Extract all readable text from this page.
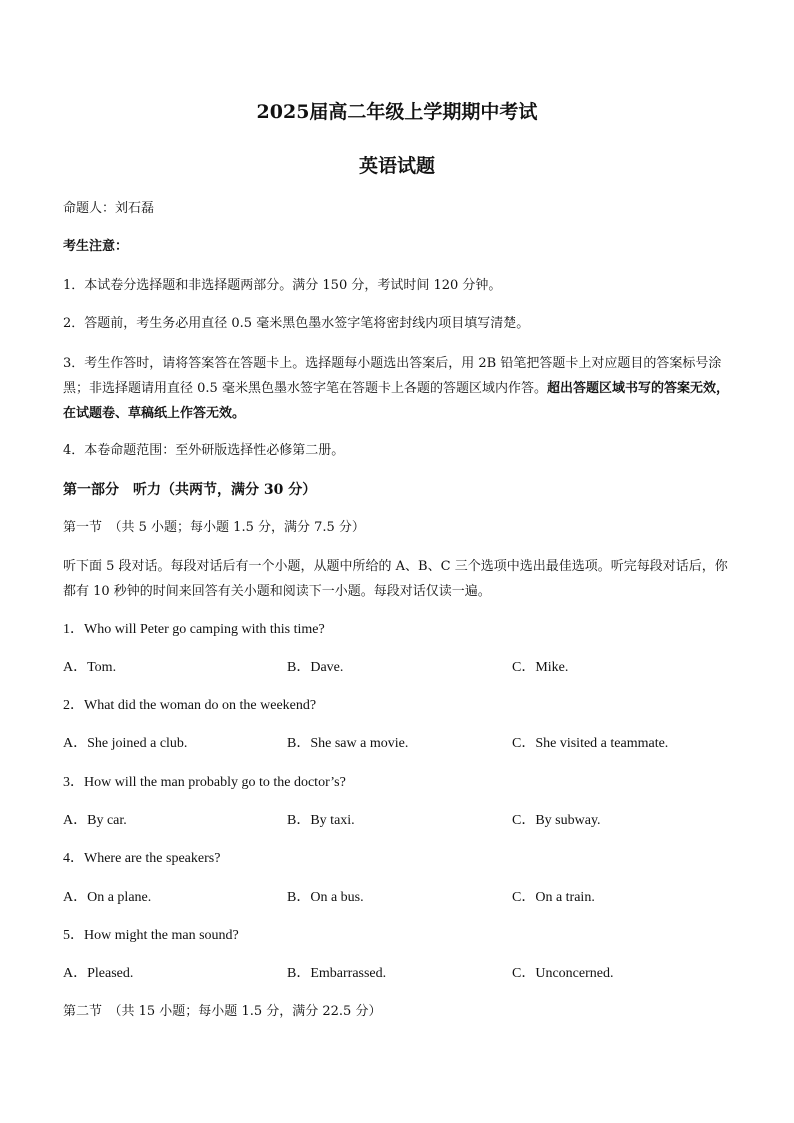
2025届高二年级上学期期中考试
英语试题
命题人：刘石磊
考生注意：
1．本试卷分选择题和非选择题两部分。满分 150 分，考试时间 120 分钟。
2．答题前，考生务必用直径 0.5 毫米黑色墨水签字笔将密封线内项目填写清楚。
3．考生作答时，请将答案答在答题卡上。选择题每小题选出答案后，用 2B 铅笔把答题卡上对应题目的答案标号涂黑；非选择题请用直径 0.5 毫米黑色墨水签字笔在答题卡上各题的答题区域内作答。超出答题区域书写的答案无效，在试题卷、草稿纸上作答无效。
4．本卷命题范围：至外研版选择性必修第二册。
第一部分　听力（共两节，满分 30 分）
第一节　（共 5 小题；每小题 1.5 分，满分 7.5 分）
听下面 5 段对话。每段对话后有一个小题，从题中所给的 A、B、C 三个选项中选出最佳选项。听完每段对话后，你都有 10 秒钟的时间来回答有关小题和阅读下一小题。每段对话仅读一遍。
1．Who will Peter go camping with this time?
A．Tom.	B．Dave.	C．Mike.
2．What did the woman do on the weekend?
A．She joined a club.	B．She saw a movie.	C．She visited a teammate.
3．How will the man probably go to the doctor’s?
A．By car.	B．By taxi.	C．By subway.
4．Where are the speakers?
A．On a plane.	B．On a bus.	C．On a train.
5．How might the man sound?
A．Pleased.	B．Embarrassed.	C．Unconcerned.
第二节　（共 15 小题；每小题 1.5 分，满分 22.5 分）
